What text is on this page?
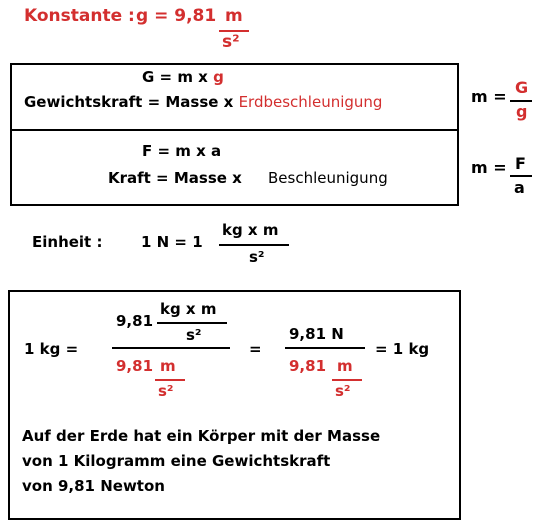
Konstante : g = 9,81 m
s²
G = m x g
Gewichtskraft = Masse x Erdbeschleunigung	m = G
g
F = m x a
Kraft = Masse x Beschleunigung
m = F
a
Einheit :	1 N = 1
kg x m
s²
1 kg =
9,81
kg x m
s²
9,81 m
s²
=
9,81 N
9,81 m
s²
= 1 kg
Auf der Erde hat ein Körper mit der Masse
von 1 Kilogramm eine Gewichtskraft
von 9,81 Newton
